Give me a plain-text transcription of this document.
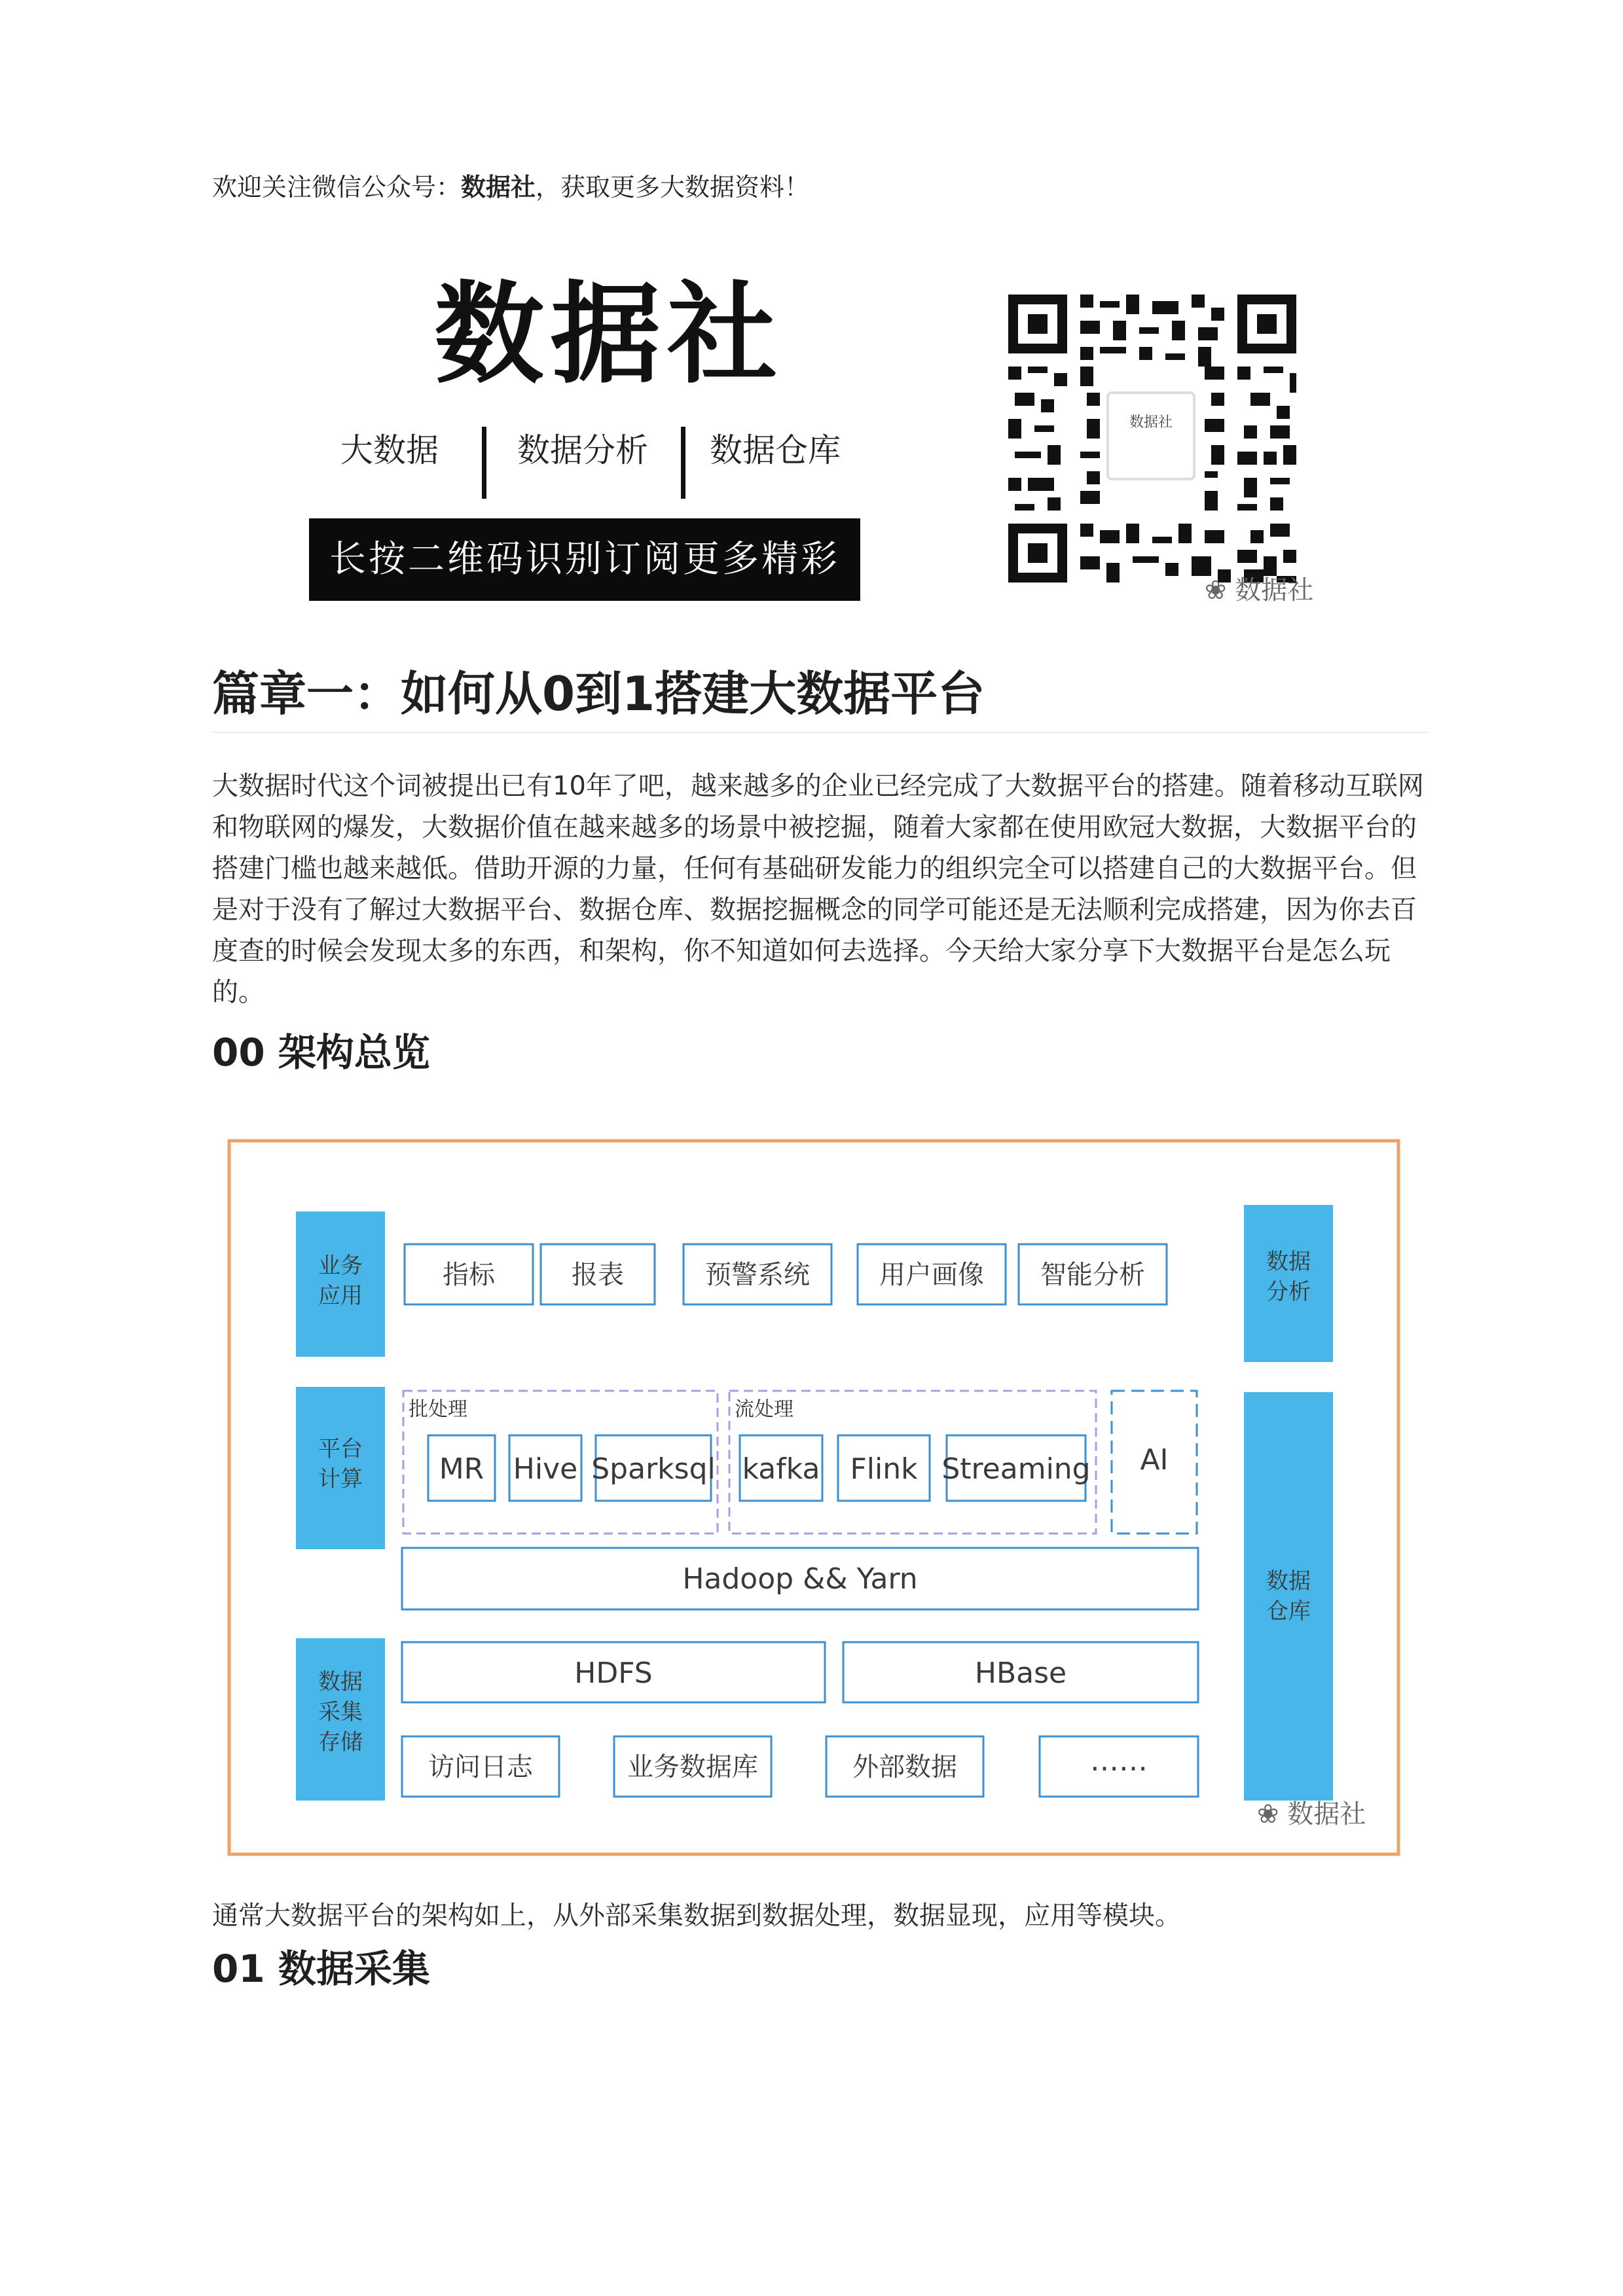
欢迎关注微信公众号：数据社，获取更多大数据资料！
数据社
大数据 数据分析 数据仓库
长按二维码识别订阅更多精彩
数据社
❀ 数据社
篇章一：如何从0到1搭建大数据平台
大数据时代这个词被提出已有10年了吧，越来越多的企业已经完成了大数据平台的搭建。随着移动互联网和物联网的爆发，大数据价值在越来越多的场景中被挖掘，随着大家都在使用欧冠大数据，大数据平台的搭建门槛也越来越低。借助开源的力量，任何有基础研发能力的组织完全可以搭建自己的大数据平台。但是对于没有了解过大数据平台、数据仓库、数据挖掘概念的同学可能还是无法顺利完成搭建，因为你去百度查的时候会发现太多的东西，和架构，你不知道如何去选择。今天给大家分享下大数据平台是怎么玩的。
00 架构总览
业务
应用
平台
计算
数据
采集
存储
数据
分析
数据
仓库
指标	报表	预警系统	用户画像 智能分析
批处理
MR Hive Sparksql
流处理
kafka Flink Streaming AI
Hadoop && Yarn
HDFS	HBase
访问日志	业务数据库	外部数据	……
❀ 数据社
通常大数据平台的架构如上，从外部采集数据到数据处理，数据显现，应用等模块。
01 数据采集
